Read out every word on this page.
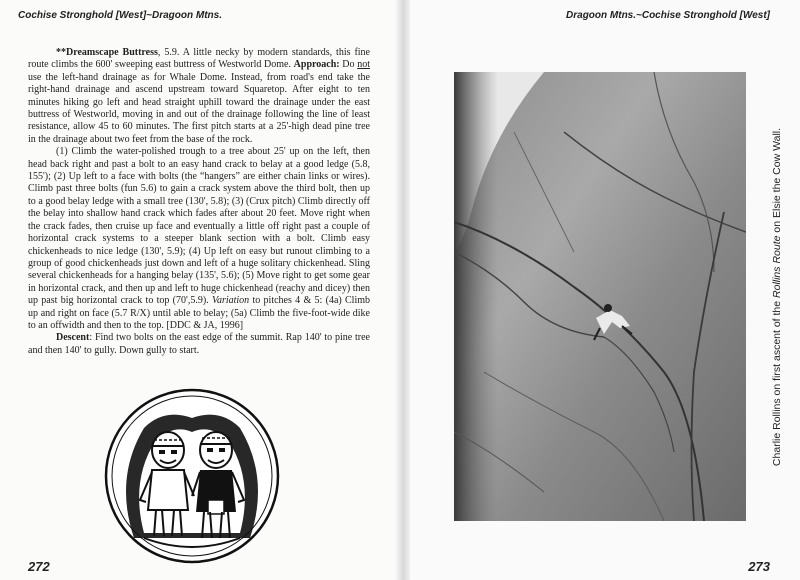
Cochise Stronghold [West]~Dragoon Mtns.

**Dreamscape Buttress, 5.9. A little necky by modern standards, this fine route climbs the 600' sweeping east buttress of Westworld Dome. Approach: Do not use the left-hand drainage as for Whale Dome. Instead, from road's end take the right-hand drainage and ascend upstream toward Squaretop. After eight to ten minutes hiking go left and head straight uphill toward the drainage under the east buttress of Westworld, moving in and out of the drainage following the line of least resistance, allow 45 to 60 minutes. The first pitch starts at a 25'-high dead pine tree in the drainage about two feet from the base of the rock.

(1) Climb the water-polished trough to a tree about 25' up on the left, then head back right and past a bolt to an easy hand crack to belay at a good ledge (5.8, 155'); (2) Up left to a face with bolts (the “hangers” are either chain links or wires). Climb past three bolts (fun 5.6) to gain a crack system above the third bolt, then up to a good belay ledge with a small tree (130', 5.8); (3) (Crux pitch) Climb directly off the belay into shallow hand crack which fades after about 20 feet. Move right when the crack fades, then cruise up face and eventually a little off right past a couple of horizontal crack systems to a steeper blank section with a bolt. Climb easy chickenheads to nice ledge (130', 5.9); (4) Up left on easy but runout climbing to a group of good chickenheads just down and left of a huge solitary chickenhead. Sling several chickenheads for a hanging belay (135', 5.6); (5) Move right to get some gear in horizontal crack, and then up and left to huge chickenhead (reachy and dicey) then up past big horizontal crack to top (70',5.9). Variation to pitches 4 & 5: (4a) Climb up and right on face (5.7 R/X) until able to belay; (5a) Climb the five-foot-wide dike to an offwidth and then to the top. [DDC & JA, 1996]

Descent: Find two bolts on the east edge of the summit. Rap 140' to pine tree and then 140' to gully. Down gully to start.

272
Dragoon Mtns.~Cochise Stronghold [West]
Charlie Rollins on first ascent of the Rollins Route on Elsie the Cow Wall.
273
